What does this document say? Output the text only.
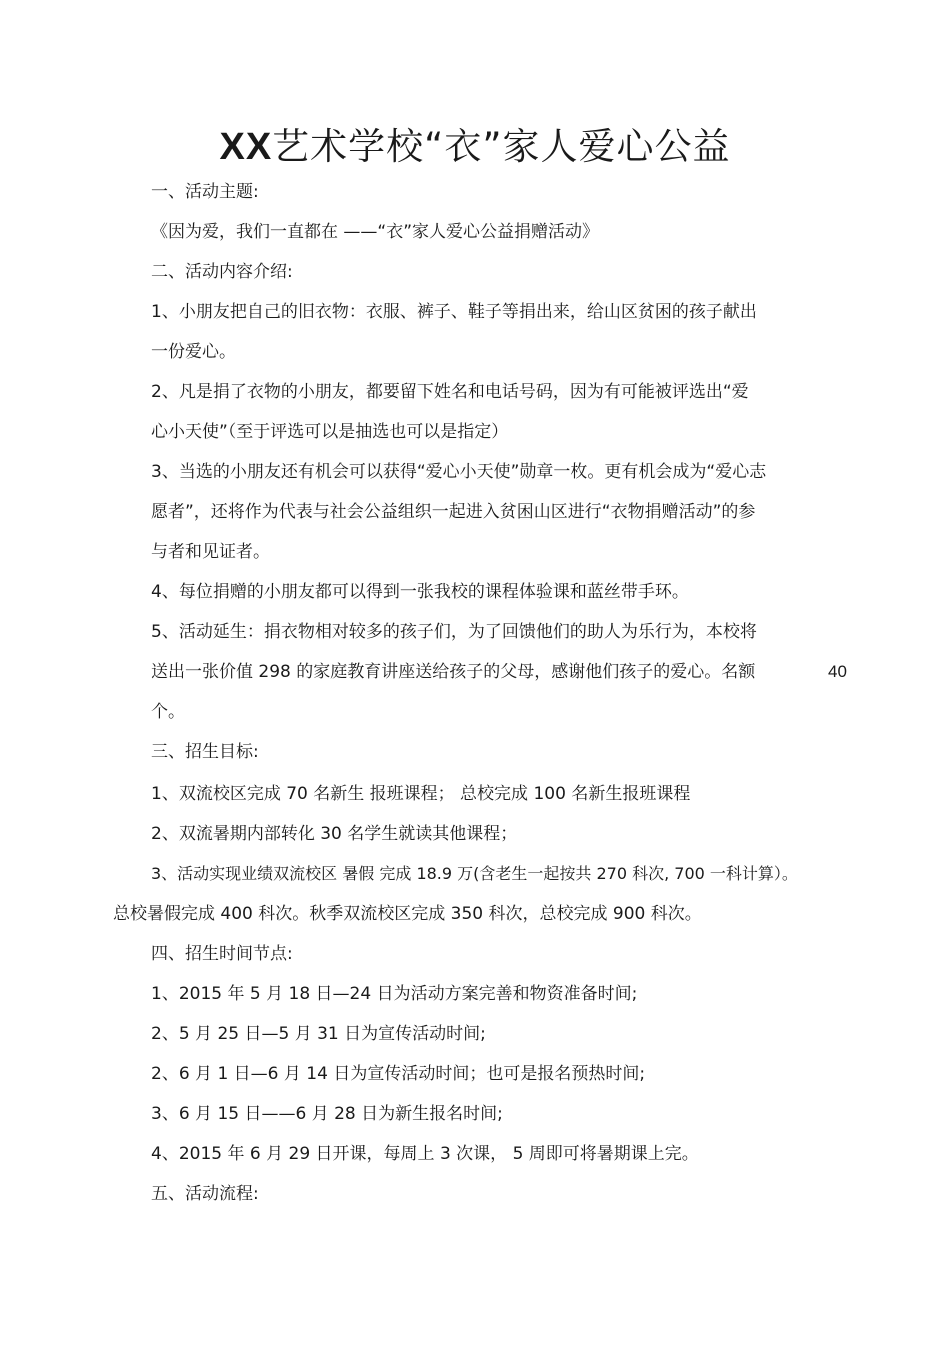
XX艺术学校“衣”家人爱心公益
一、活动主题:
《因为爱，我们一直都在 ——“衣”家人爱心公益捐赠活动》
二、活动内容介绍:
1、小朋友把自己的旧衣物：衣服、裤子、鞋子等捐出来，给山区贫困的孩子献出
一份爱心。
2、凡是捐了衣物的小朋友，都要留下姓名和电话号码，因为有可能被评选出“爱
心小天使”（至于评选可以是抽选也可以是指定）
3、当选的小朋友还有机会可以获得“爱心小天使”勋章一枚。更有机会成为“爱心志
愿者”，还将作为代表与社会公益组织一起进入贫困山区进行“衣物捐赠活动”的参
与者和见证者。
4、每位捐赠的小朋友都可以得到一张我校的课程体验课和蓝丝带手环。
5、活动延生：捐衣物相对较多的孩子们，为了回馈他们的助人为乐行为，本校将
送出一张价值 298 的家庭教育讲座送给孩子的父母，感谢他们孩子的爱心。名额	40
个。
三、招生目标:
1、双流校区完成 70 名新生 报班课程； 总校完成 100 名新生报班课程
2、双流暑期内部转化 30 名学生就读其他课程；
3、活动实现业绩双流校区 暑假 完成 18.9 万(含老生一起按共 270 科次, 700 一科计算）。
总校暑假完成 400 科次。秋季双流校区完成 350 科次，总校完成 900 科次。
四、招生时间节点:
1、2015 年 5 月 18 日—24 日为活动方案完善和物资准备时间;
2、5 月 25 日—5 月 31 日为宣传活动时间;
2、6 月 1 日—6 月 14 日为宣传活动时间；也可是报名预热时间;
3、6 月 15 日——6 月 28 日为新生报名时间;
4、2015 年 6 月 29 日开课，每周上 3 次课， 5 周即可将暑期课上完。
五、活动流程:
